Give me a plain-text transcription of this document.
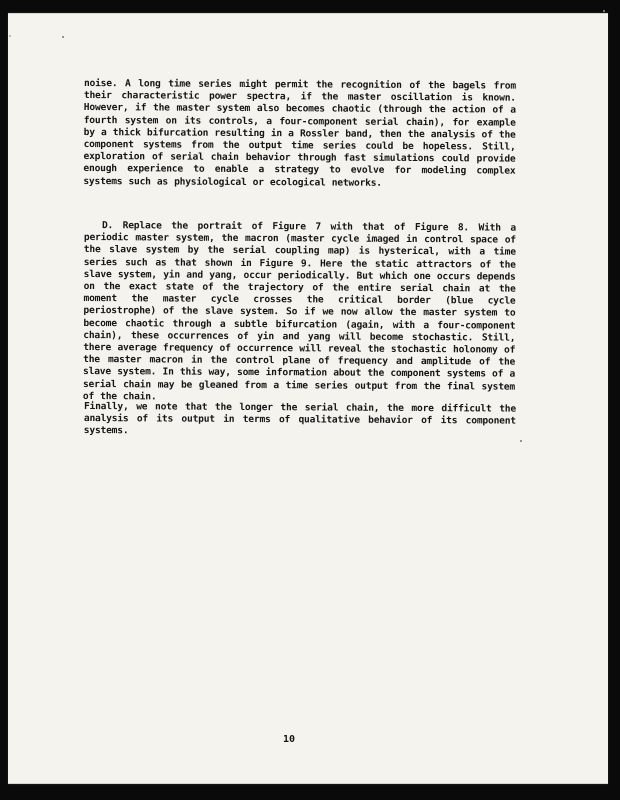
noise. A long time series might permit the recognition of the bagels from their characteristic power spectra, if the master oscillation is known. However, if the master system also becomes chaotic (through the action of a fourth system on its controls, a four-component serial chain), for example by a thick bifurcation resulting in a Rossler band, then the analysis of the component systems from the output time series could be hopeless. Still, exploration of serial chain behavior through fast simulations could provide enough experience to enable a strategy to evolve for modeling complex systems such as physiological or ecological networks.

D. Replace the portrait of Figure 7 with that of Figure 8. With a periodic master system, the macron (master cycle imaged in control space of the slave system by the serial coupling map) is hysterical, with a time series such as that shown in Figure 9. Here the static attractors of the slave system, yin and yang, occur periodically. But which one occurs depends on the exact state of the trajectory of the entire serial chain at the moment the master cycle crosses the critical border (blue cycle periostrophe) of the slave system. So if we now allow the master system to become chaotic through a subtle bifurcation (again, with a four-component chain), these occurrences of yin and yang will become stochastic. Still, there average frequency of occurrence will reveal the stochastic holonomy of the master macron in the control plane of frequency and amplitude of the slave system. In this way, some information about the component systems of a serial chain may be gleaned from a time series output from the final system of the chain.

Finally, we note that the longer the serial chain, the more difficult the analysis of its output in terms of qualitative behavior of its component systems.

10
